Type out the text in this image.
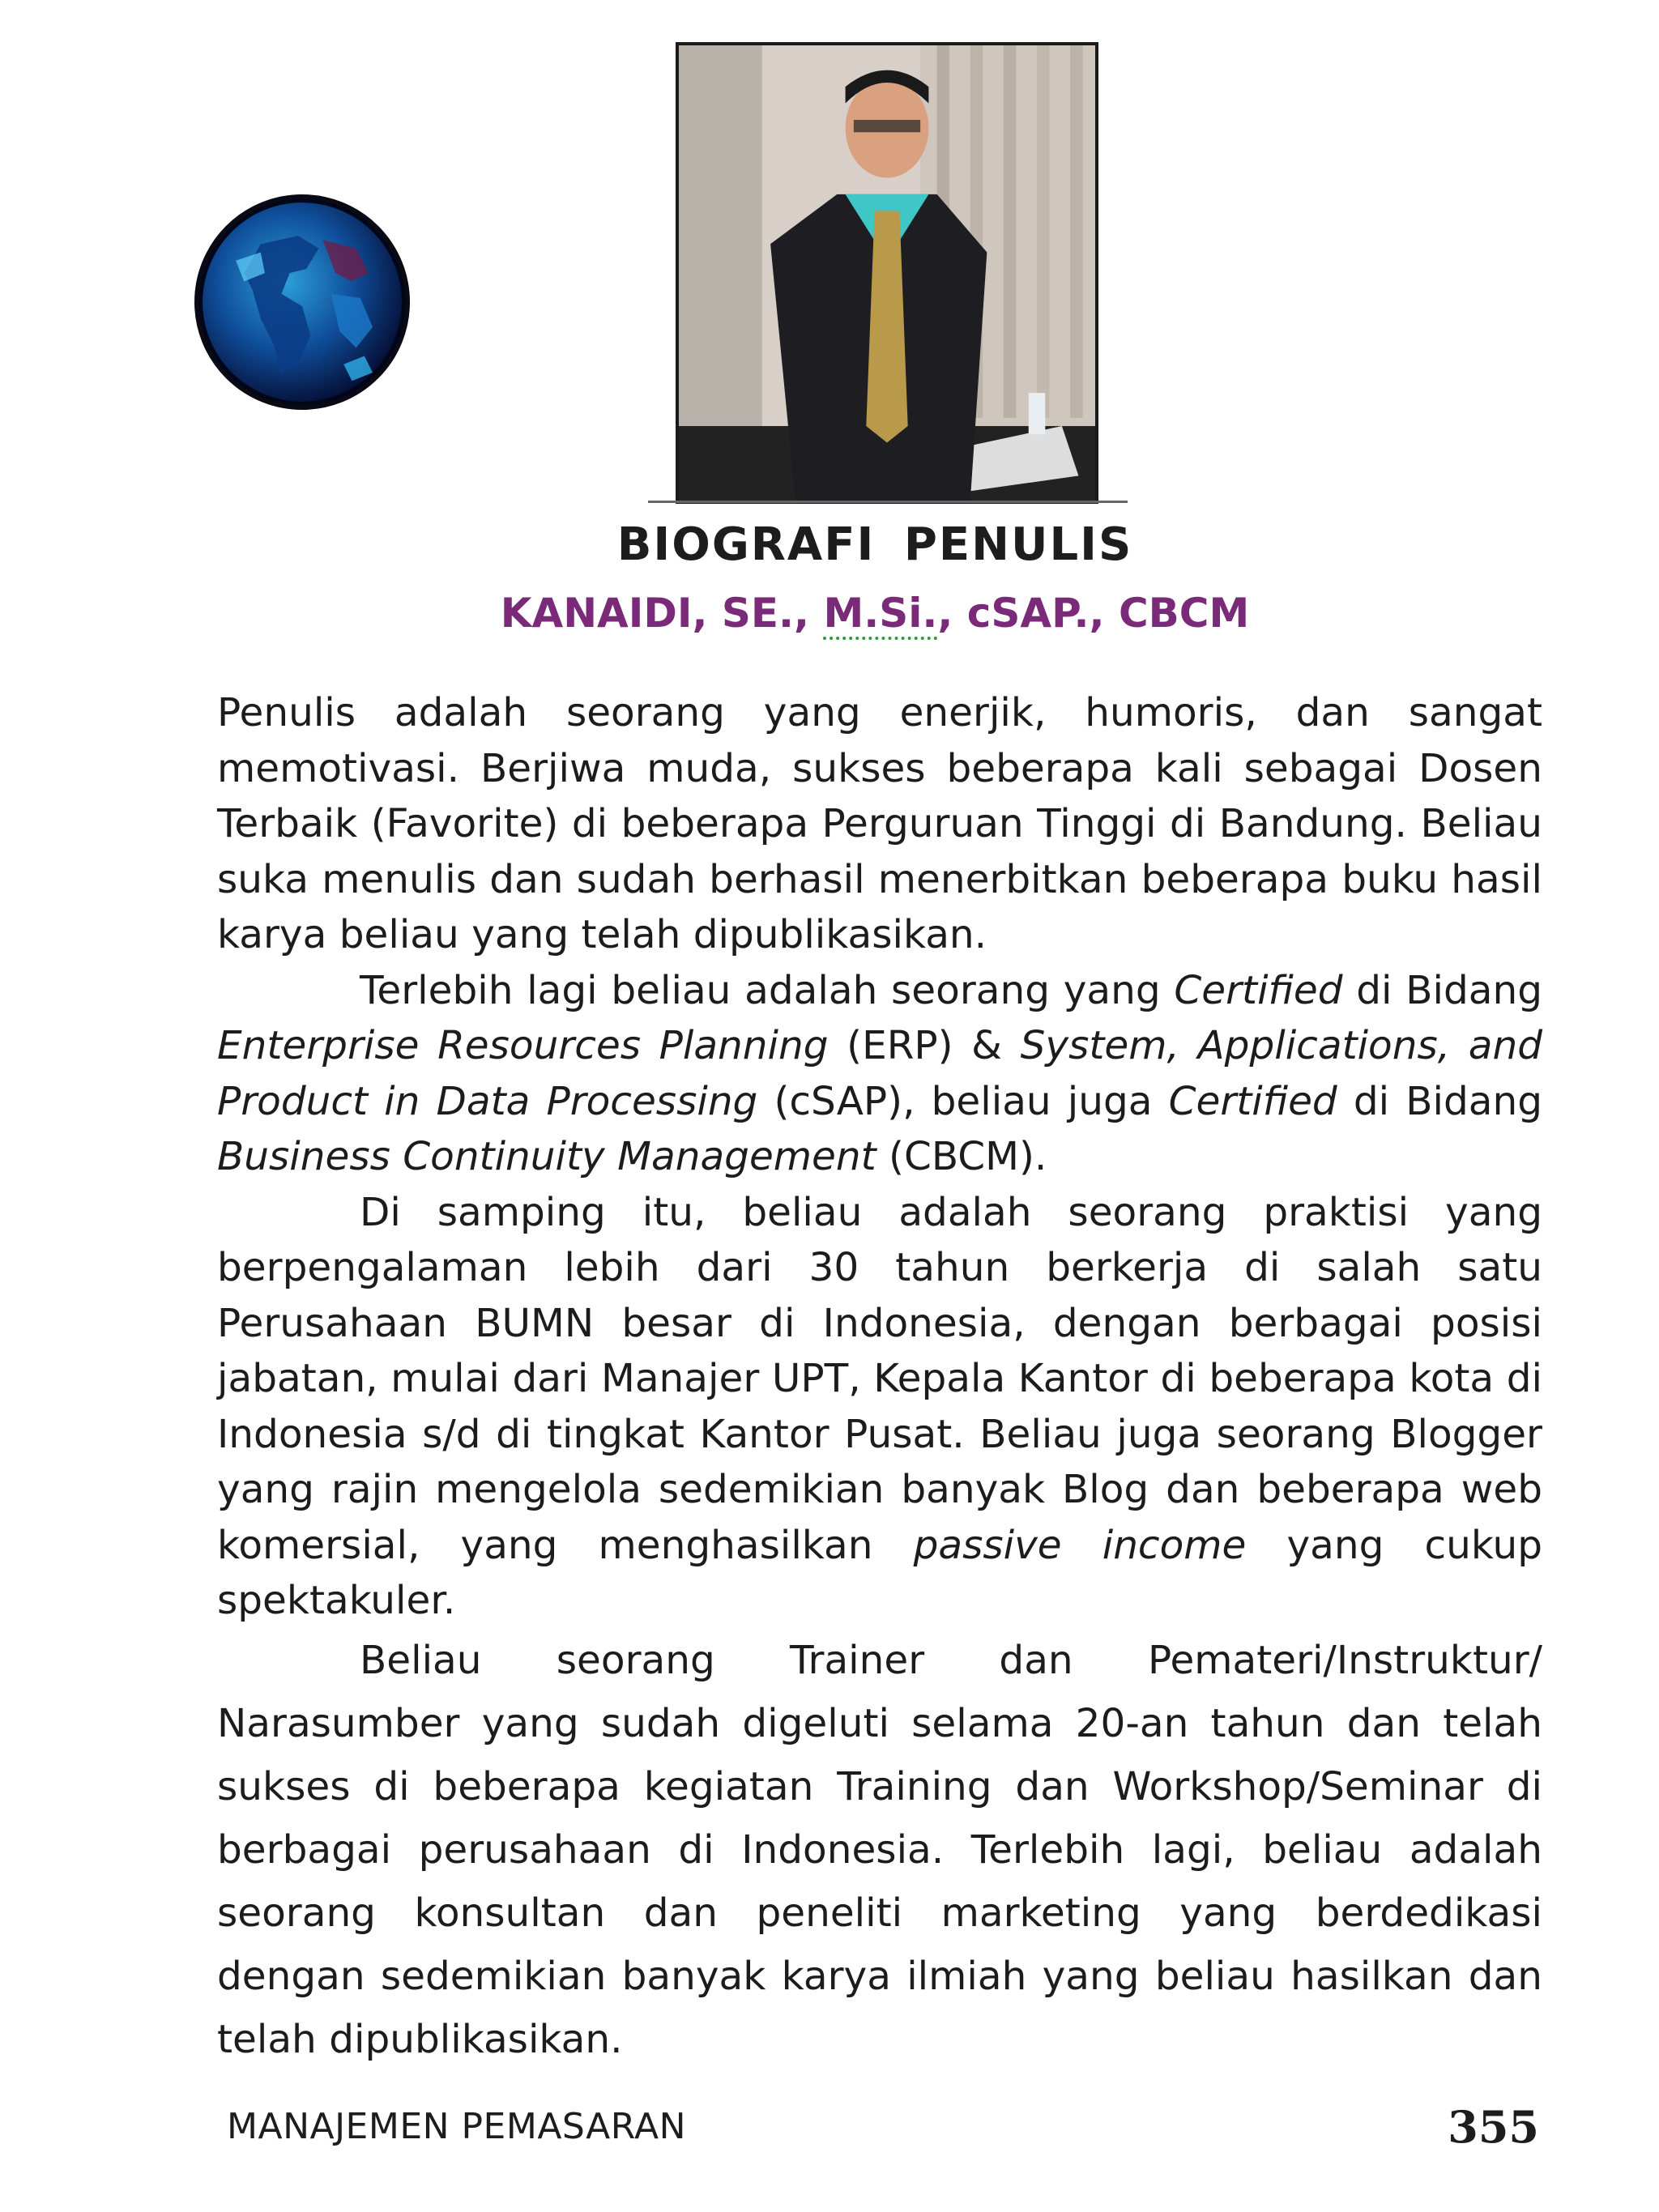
BIOGRAFI PENULIS
KANAIDI, SE., M.Si., cSAP., CBCM

Penulis adalah seorang yang enerjik, humoris, dan sangat memotivasi. Berjiwa muda, sukses beberapa kali sebagai Dosen Terbaik (Favorite) di beberapa Perguruan Tinggi di Bandung. Beliau suka menulis dan sudah berhasil menerbitkan beberapa buku hasil karya beliau yang telah dipublikasikan.

Terlebih lagi beliau adalah seorang yang Certified di Bidang Enterprise Resources Planning (ERP) & System, Applications, and Product in Data Processing (cSAP), beliau juga Certified di Bidang Business Continuity Management (CBCM).

Di samping itu, beliau adalah seorang praktisi yang berpengalaman lebih dari 30 tahun berkerja di salah satu Perusahaan BUMN besar di Indonesia, dengan berbagai posisi jabatan, mulai dari Manajer UPT, Kepala Kantor di beberapa kota di Indonesia s/d di tingkat Kantor Pusat. Beliau juga seorang Blogger yang rajin mengelola sedemikian banyak Blog dan beberapa web komersial, yang menghasilkan passive income yang cukup spektakuler.

Beliau seorang Trainer dan Pemateri/Instruktur/ Narasumber yang sudah digeluti selama 20-an tahun dan telah sukses di beberapa kegiatan Training dan Workshop/Seminar di berbagai perusahaan di Indonesia. Terlebih lagi, beliau adalah seorang konsultan dan peneliti marketing yang berdedikasi dengan sedemikian banyak karya ilmiah yang beliau hasilkan dan telah dipublikasikan.

MANAJEMEN PEMASARAN	355
